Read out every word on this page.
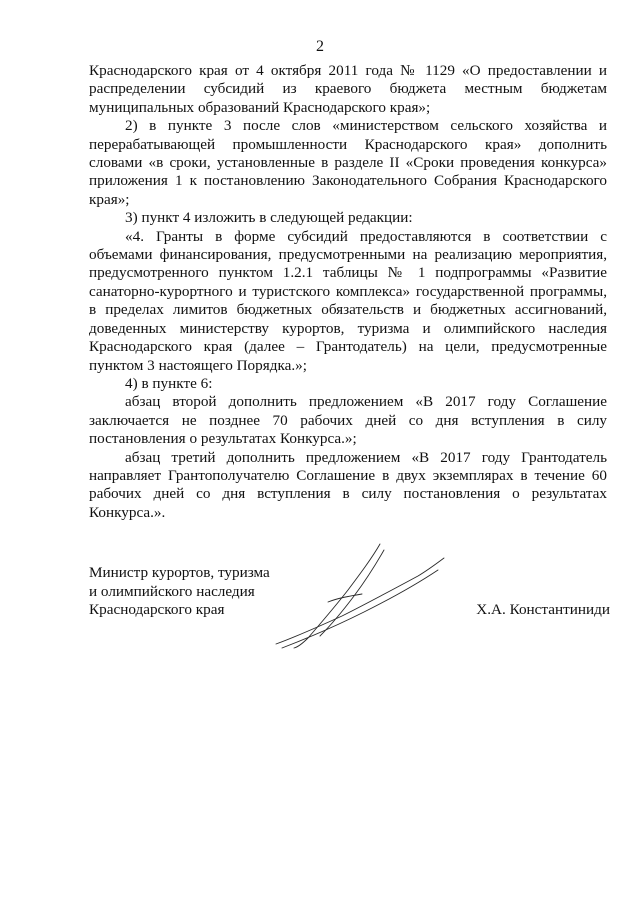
2

Краснодарского края от 4 октября 2011 года № 1129 «О предоставлении и распределении субсидий из краевого бюджета местным бюджетам муниципальных образований Краснодарского края»;

2) в пункте 3 после слов «министерством сельского хозяйства и перерабатывающей промышленности Краснодарского края» дополнить словами «в сроки, установленные в разделе II «Сроки проведения конкурса» приложения 1 к постановлению Законодательного Собрания Краснодарского края»;

3) пункт 4 изложить в следующей редакции:

«4. Гранты в форме субсидий предоставляются в соответствии с объемами финансирования, предусмотренными на реализацию мероприятия, предусмотренного пунктом 1.2.1 таблицы № 1 подпрограммы «Развитие санаторно-курортного и туристского комплекса» государственной программы, в пределах лимитов бюджетных обязательств и бюджетных ассигнований, доведенных министерству курортов, туризма и олимпийского наследия Краснодарского края (далее – Грантодатель) на цели, предусмотренные пунктом 3 настоящего Порядка.»;

4) в пункте 6:

абзац второй дополнить предложением «В 2017 году Соглашение заключается не позднее 70 рабочих дней со дня вступления в силу постановления о результатах Конкурса.»;

абзац третий дополнить предложением «В 2017 году Грантодатель направляет Грантополучателю Соглашение в двух экземплярах в течение 60 рабочих дней со дня вступления в силу постановления о результатах Конкурса.».

Министр курортов, туризма
и олимпийского наследия
Краснодарского края	Х.А. Константиниди
